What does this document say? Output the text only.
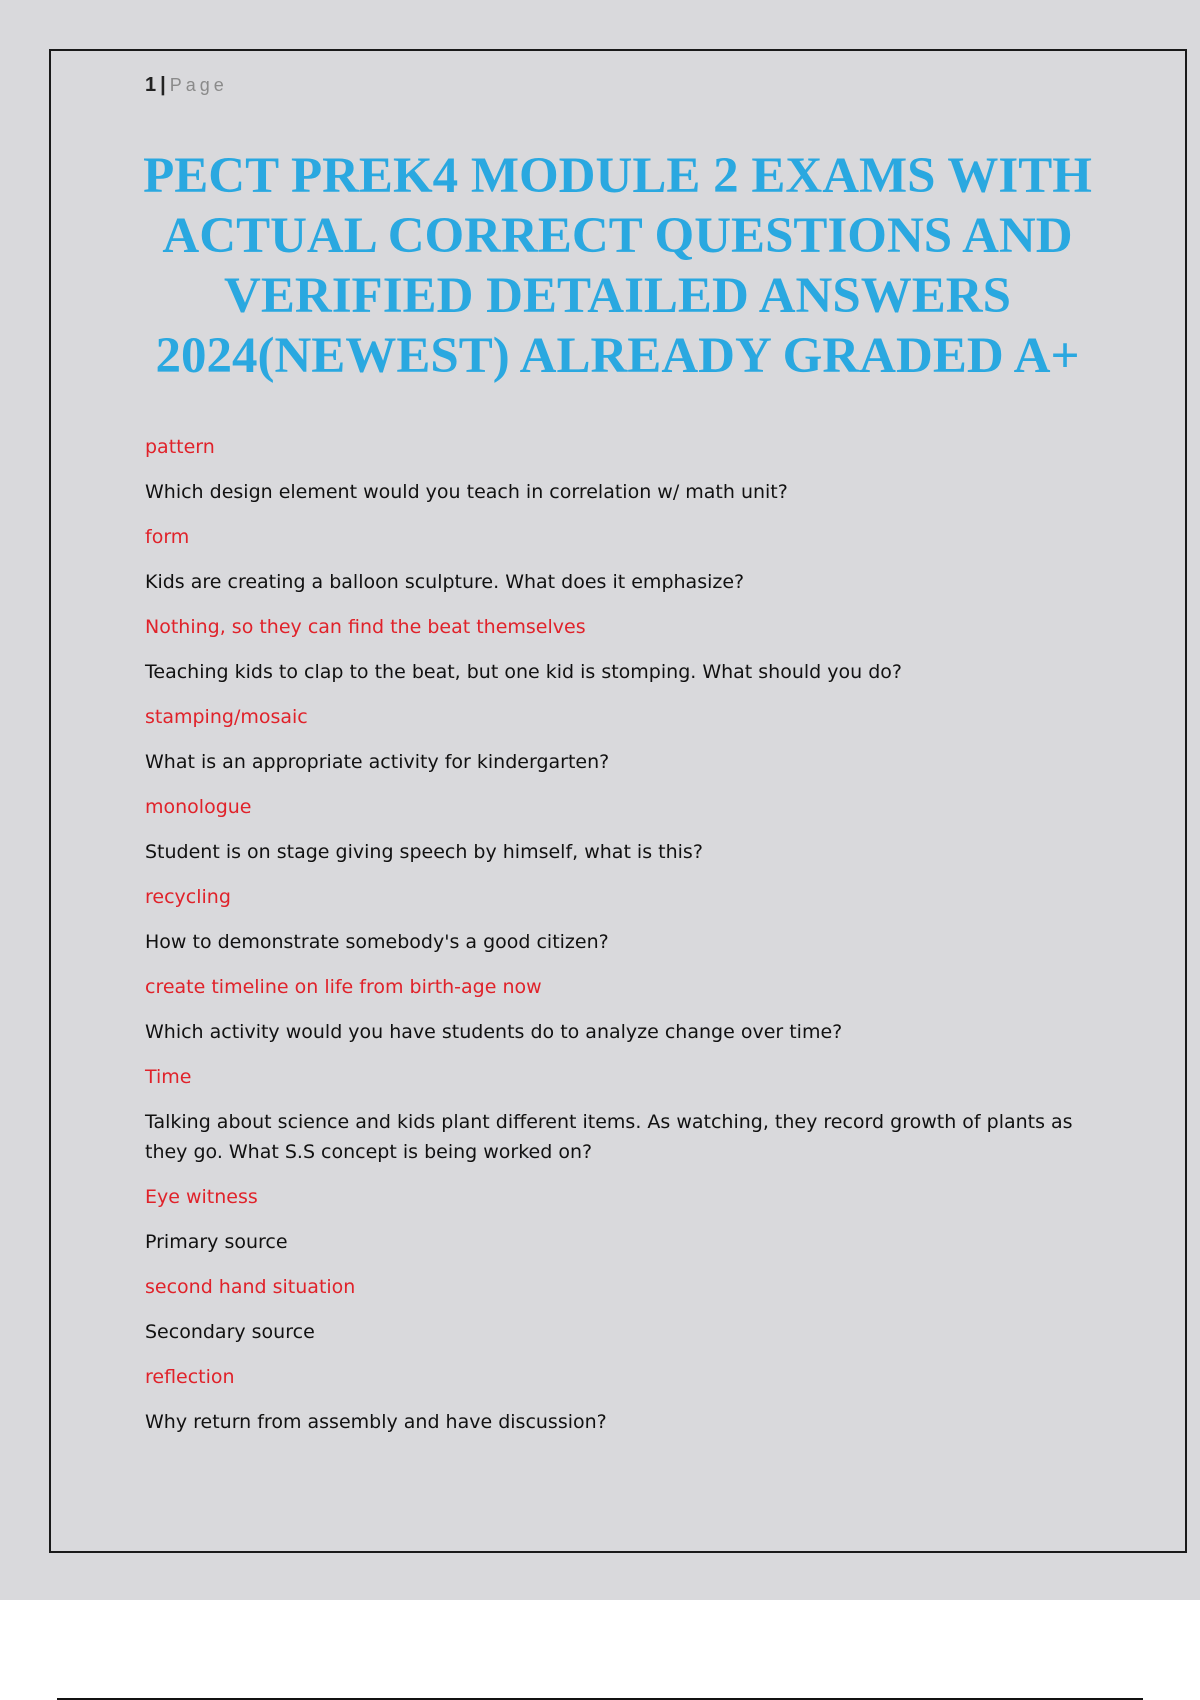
1 | Page
PECT PREK4 MODULE 2 EXAMS WITH ACTUAL CORRECT QUESTIONS AND VERIFIED DETAILED ANSWERS 2024(NEWEST) ALREADY GRADED A+
pattern
Which design element would you teach in correlation w/ math unit?
form
Kids are creating a balloon sculpture. What does it emphasize?
Nothing, so they can find the beat themselves
Teaching kids to clap to the beat, but one kid is stomping. What should you do?
stamping/mosaic
What is an appropriate activity for kindergarten?
monologue
Student is on stage giving speech by himself, what is this?
recycling
How to demonstrate somebody's a good citizen?
create timeline on life from birth-age now
Which activity would you have students do to analyze change over time?
Time
Talking about science and kids plant different items. As watching, they record growth of plants as they go. What S.S concept is being worked on?
Eye witness
Primary source
second hand situation
Secondary source
reflection
Why return from assembly and have discussion?
